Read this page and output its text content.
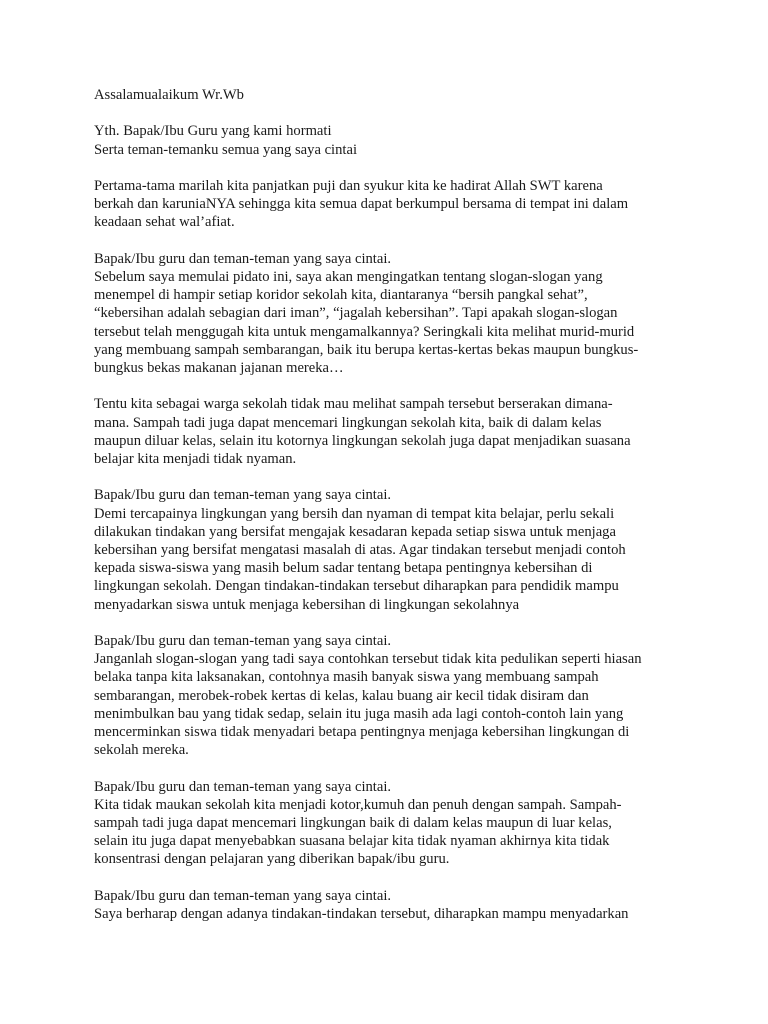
Assalamualaikum Wr.Wb

Yth. Bapak/Ibu Guru yang kami hormati
Serta teman-temanku semua yang saya cintai

Pertama-tama marilah kita panjatkan puji dan syukur kita ke hadirat Allah SWT karena
berkah dan karuniaNYA sehingga kita semua dapat berkumpul bersama di tempat ini dalam
keadaan sehat wal’afiat.

Bapak/Ibu guru dan teman-teman yang saya cintai.
Sebelum saya memulai pidato ini, saya akan mengingatkan tentang slogan-slogan yang
menempel di hampir setiap koridor sekolah kita, diantaranya “bersih pangkal sehat”,
“kebersihan adalah sebagian dari iman”, “jagalah kebersihan”. Tapi apakah slogan-slogan
tersebut telah menggugah kita untuk mengamalkannya? Seringkali kita melihat murid-murid
yang membuang sampah sembarangan, baik itu berupa kertas-kertas bekas maupun bungkus-
bungkus bekas makanan jajanan mereka…

Tentu kita sebagai warga sekolah tidak mau melihat sampah tersebut berserakan dimana-
mana. Sampah tadi juga dapat mencemari lingkungan sekolah kita, baik di dalam kelas
maupun diluar kelas, selain itu kotornya lingkungan sekolah juga dapat menjadikan suasana
belajar kita menjadi tidak nyaman.

Bapak/Ibu guru dan teman-teman yang saya cintai.
Demi tercapainya lingkungan yang bersih dan nyaman di tempat kita belajar, perlu sekali
dilakukan tindakan yang bersifat mengajak kesadaran kepada setiap siswa untuk menjaga
kebersihan yang bersifat mengatasi masalah di atas. Agar tindakan tersebut menjadi contoh
kepada siswa-siswa yang masih belum sadar tentang betapa pentingnya kebersihan di
lingkungan sekolah. Dengan tindakan-tindakan tersebut diharapkan para pendidik mampu
menyadarkan siswa untuk menjaga kebersihan di lingkungan sekolahnya

Bapak/Ibu guru dan teman-teman yang saya cintai.
Janganlah slogan-slogan yang tadi saya contohkan tersebut tidak kita pedulikan seperti hiasan
belaka tanpa kita laksanakan, contohnya masih banyak siswa yang membuang sampah
sembarangan, merobek-robek kertas di kelas, kalau buang air kecil tidak disiram dan
menimbulkan bau yang tidak sedap, selain itu juga masih ada lagi contoh-contoh lain yang
mencerminkan siswa tidak menyadari betapa pentingnya menjaga kebersihan lingkungan di
sekolah mereka.

Bapak/Ibu guru dan teman-teman yang saya cintai.
Kita tidak maukan sekolah kita menjadi kotor,kumuh dan penuh dengan sampah. Sampah-
sampah tadi juga dapat mencemari lingkungan baik di dalam kelas maupun di luar kelas,
selain itu juga dapat menyebabkan suasana belajar kita tidak nyaman akhirnya kita tidak
konsentrasi dengan pelajaran yang diberikan bapak/ibu guru.

Bapak/Ibu guru dan teman-teman yang saya cintai.
Saya berharap dengan adanya tindakan-tindakan tersebut, diharapkan mampu menyadarkan
